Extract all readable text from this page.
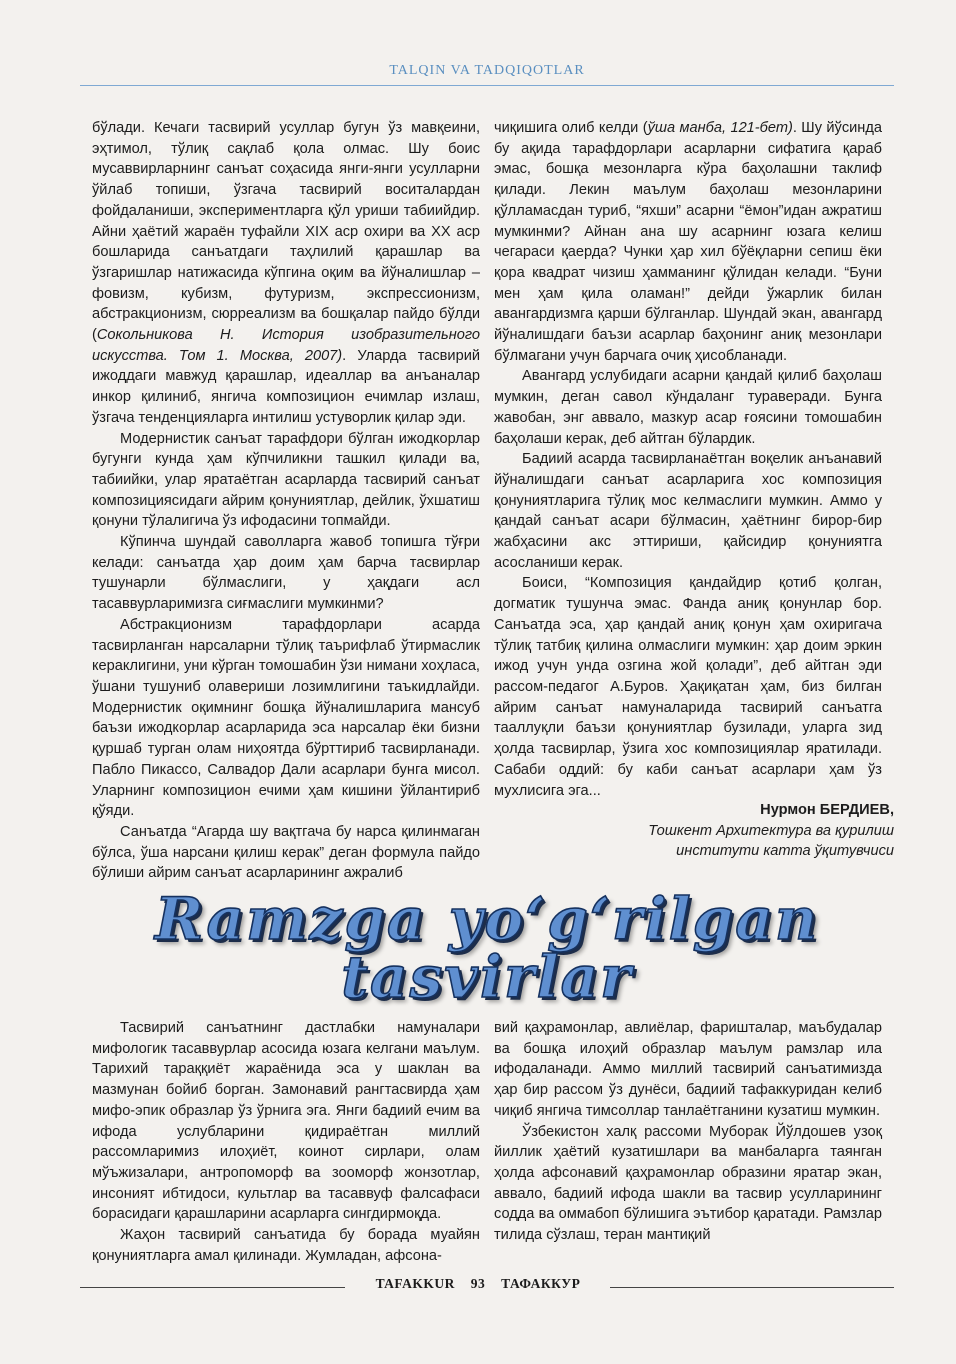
TALQIN VA TADQIQOTLAR

бўлади. Кечаги тасвирий усуллар бугун ўз мавқеини, эҳтимол, тўлиқ сақлаб қола олмас. Шу боис мусаввирларнинг санъат соҳасида янги-янги усулларни ўйлаб топиши, ўзгача тасвирий воситалардан фойдаланиши, экспериментларга қўл уриши табиийдир. Айни ҳаётий жараён туфайли XIX аср охири ва XX аср бошларида санъатдаги таҳлилий қарашлар ва ўзгаришлар натижасида кўпгина оқим ва йўналишлар – фовизм, кубизм, футуризм, экспрессионизм, абстракционизм, сюрреализм ва бошқалар пайдо бўлди (Сокольникова Н. История изобразительного искусства. Том 1. Москва, 2007). Уларда тасвирий ижоддаги мавжуд қарашлар, идеаллар ва анъаналар инкор қилиниб, янгича композицион ечимлар излаш, ўзгача тенденцияларга интилиш устуворлик қилар эди.

Модернистик санъат тарафдори бўлган ижодкорлар бугунги кунда ҳам кўпчиликни ташкил қилади ва, табиийки, улар яратаётган асарларда тасвирий санъат композициясидаги айрим қонуниятлар, дейлик, ўхшатиш қонуни тўлалигича ўз ифодасини топмайди.

Кўпинча шундай саволларга жавоб топишга тўғри келади: санъатда ҳар доим ҳам барча тасвирлар тушунарли бўлмаслиги, у ҳақдаги асл тасаввурларимизга сиғмаслиги мумкинми?

Абстракционизм тарафдорлари асарда тасвирланган нарсаларни тўлиқ таърифлаб ўтирмаслик кераклигини, уни кўрган томошабин ўзи нимани хоҳласа, ўшани тушуниб олавериши лозимлигини таъкидлайди. Модернистик оқимнинг бошқа йўналишларига мансуб баъзи ижодкорлар асарларида эса нарсалар ёки бизни қуршаб турган олам ниҳоятда бўрттириб тасвирланади. Пабло Пикассо, Салвадор Дали асарлари бунга мисол. Уларнинг композицион ечими ҳам кишини ўйлантириб қўяди.

Санъатда “Агарда шу вақтгача бу нарса қилинмаган бўлса, ўша нарсани қилиш керак” деган формула пайдо бўлиши айрим санъат асарларининг ажралиб

чиқишига олиб келди (ўша манба, 121-бет). Шу йўсинда бу ақида тарафдорлари асарларни сифатига қараб эмас, бошқа мезонларга кўра баҳолашни таклиф қилади. Лекин маълум баҳолаш мезонларини қўлламасдан туриб, “яхши” асарни “ёмон”идан ажратиш мумкинми? Айнан ана шу асарнинг юзага келиш чегараси қаерда? Чунки ҳар хил бўёқларни сепиш ёки қора квадрат чизиш ҳамманинг қўлидан келади. “Буни мен ҳам қила оламан!” дейди ўжарлик билан авангардизмга қарши бўлганлар. Шундай экан, авангард йўналишдаги баъзи асарлар баҳонинг аниқ мезонлари бўлмагани учун барчага очиқ ҳисобланади.

Авангард услубидаги асарни қандай қилиб баҳолаш мумкин, деган савол кўндаланг тураверади. Бунга жавобан, энг аввало, мазкур асар ғоясини томошабин баҳолаши керак, деб айтган бўлардик.

Бадиий асарда тасвирланаётган воқелик анъанавий йўналишдаги санъат асарларига хос композиция қонуниятларига тўлиқ мос келмаслиги мумкин. Аммо у қандай санъат асари бўлмасин, ҳаётнинг бирор-бир жабҳасини акс эттириши, қайсидир қонуниятга асосланиши керак.

Боиси, “Композиция қандайдир қотиб қолган, догматик тушунча эмас. Фанда аниқ қонунлар бор. Санъатда эса, ҳар қандай аниқ қонун ҳам охиригача тўлиқ татбиқ қилина олмаслиги мумкин: ҳар доим эркин ижод учун унда озгина жой қолади”, деб айтган эди рассом-педагог А.Буров. Ҳақиқатан ҳам, биз билган айрим санъат намуналарида тасвирий санъатга тааллуқли баъзи қонуниятлар бузилади, уларга зид ҳолда тасвирлар, ўзига хос композициялар яратилади. Сабаби оддий: бу каби санъат асарлари ҳам ўз мухлисига эга...

Нурмон БЕРДИЕВ,
Тошкент Архитектура ва қурилиш
институти катта ўқитувчиси
Ramzga yo‘g‘rilgan
tasvirlar

Тасвирий санъатнинг дастлабки намуналари мифологик тасаввурлар асосида юзага келгани маълум. Тарихий тараққиёт жараёнида эса у шаклан ва мазмунан бойиб борган. Замонавий рангтасвирда ҳам мифо-эпик образлар ўз ўрнига эга. Янги бадиий ечим ва ифода услубларини қидираётган миллий рассомларимиз илоҳиёт, коинот сирлари, олам мўъжизалари, антропоморф ва зооморф жонзотлар, инсоният ибтидоси, культлар ва тасаввуф фалсафаси борасидаги қарашларини асарларга сингдирмоқда.

Жаҳон тасвирий санъатида бу борада муайян қонуниятларга амал қилинади. Жумладан, афсона-

вий қаҳрамонлар, авлиёлар, фаришталар, маъбудалар ва бошқа илоҳий образлар маълум рамзлар ила ифодаланади. Аммо миллий тасвирий санъатимизда ҳар бир рассом ўз дунёси, бадиий тафаккуридан келиб чиқиб янгича тимсоллар танлаётганини кузатиш мумкин.

Ўзбекистон халқ рассоми Муборак Йўлдошев узоқ йиллик ҳаётий кузатишлари ва манбаларга таянган ҳолда афсонавий қаҳрамонлар образини яратар экан, аввало, бадиий ифода шакли ва тасвир усулларининг содда ва оммабоп бўлишига эътибор қаратади. Рамзлар тилида сўзлаш, теран мантиқий

TAFAKKUR 93 ТАФАККУР
